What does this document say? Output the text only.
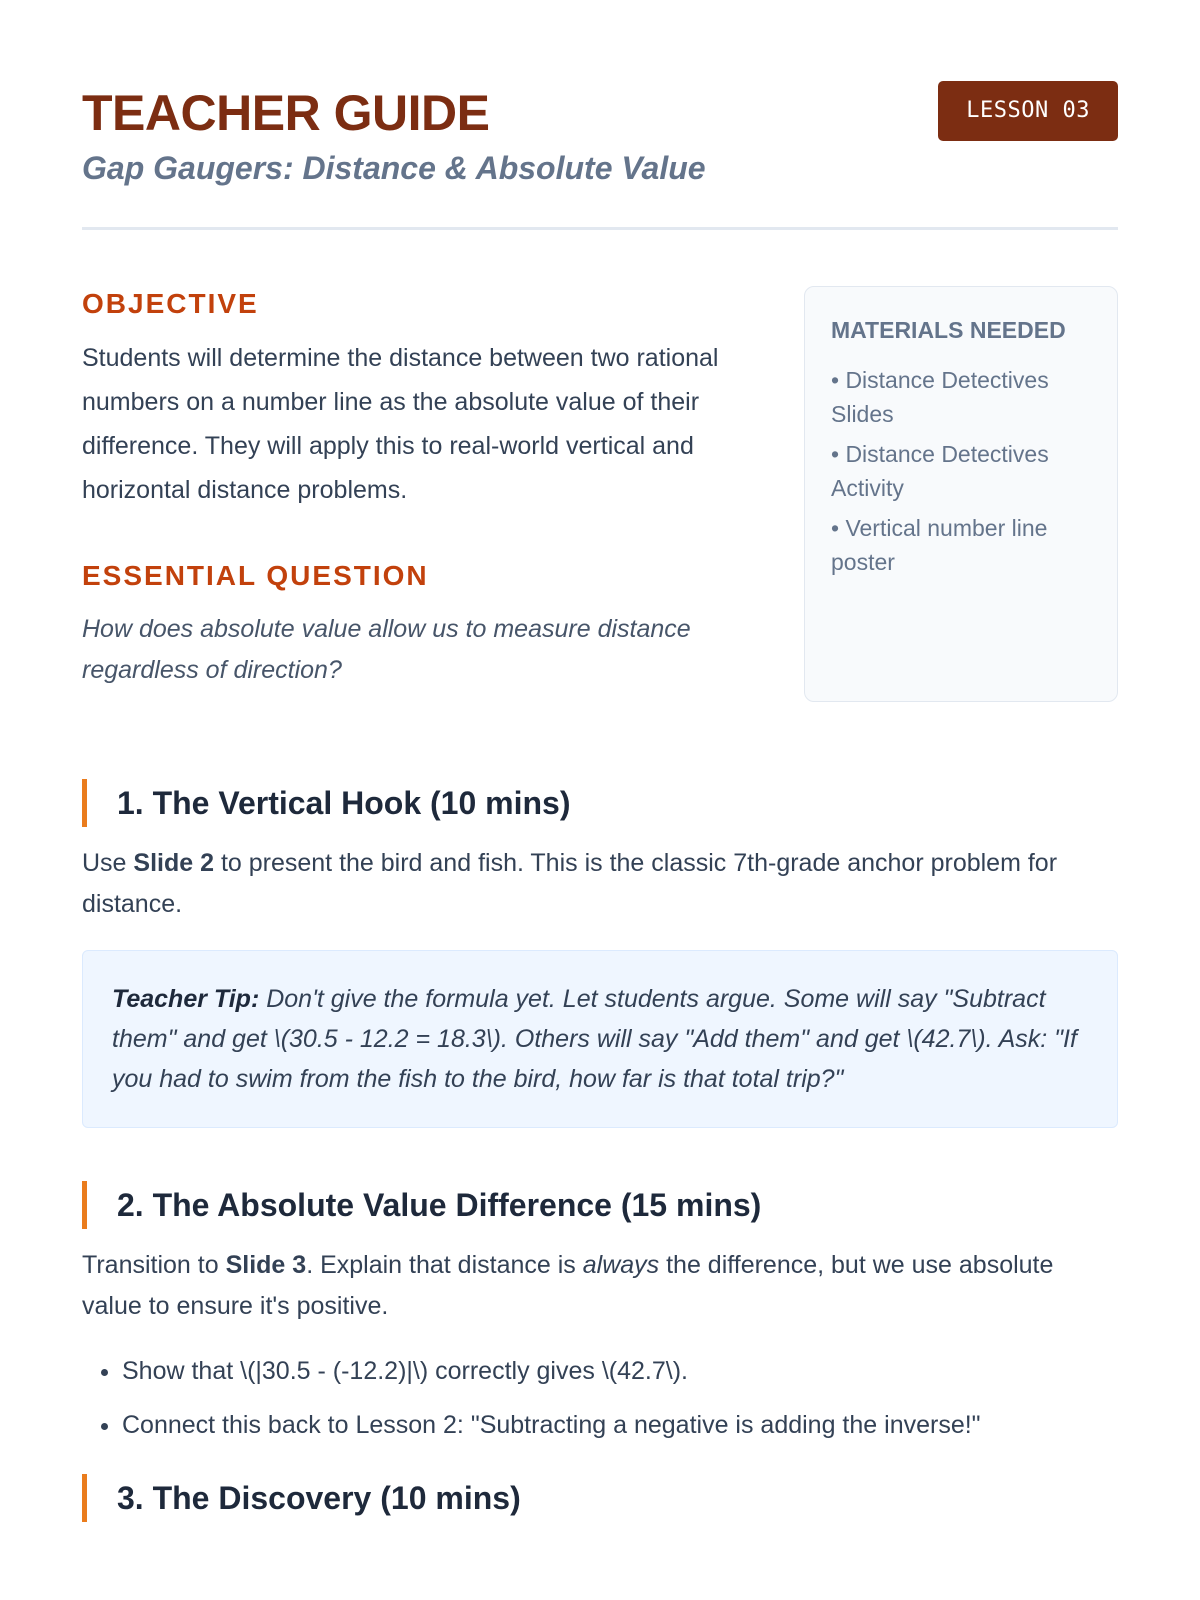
TEACHER GUIDE

Gap Gaugers: Distance & Absolute Value

LESSON 03
OBJECTIVE

Students will determine the distance between two rational numbers on a number line as the absolute value of their difference. They will apply this to real-world vertical and horizontal distance problems.

ESSENTIAL QUESTION

How does absolute value allow us to measure distance regardless of direction?

MATERIALS NEEDED
• Distance Detectives Slides
• Distance Detectives Activity
• Vertical number line poster
1. The Vertical Hook (10 mins)

Use Slide 2 to present the bird and fish. This is the classic 7th-grade anchor problem for distance.

Teacher Tip: Don't give the formula yet. Let students argue. Some will say "Subtract them" and get \(30.5 - 12.2 = 18.3\). Others will say "Add them" and get \(42.7\). Ask: "If you had to swim from the fish to the bird, how far is that total trip?"
2. The Absolute Value Difference (15 mins)

Transition to Slide 3. Explain that distance is always the difference, but we use absolute value to ensure it's positive.

• Show that \(|30.5 - (-12.2)|\) correctly gives \(42.7\).
• Connect this back to Lesson 2: "Subtracting a negative is adding the inverse!"
3. The Discovery (10 mins)
